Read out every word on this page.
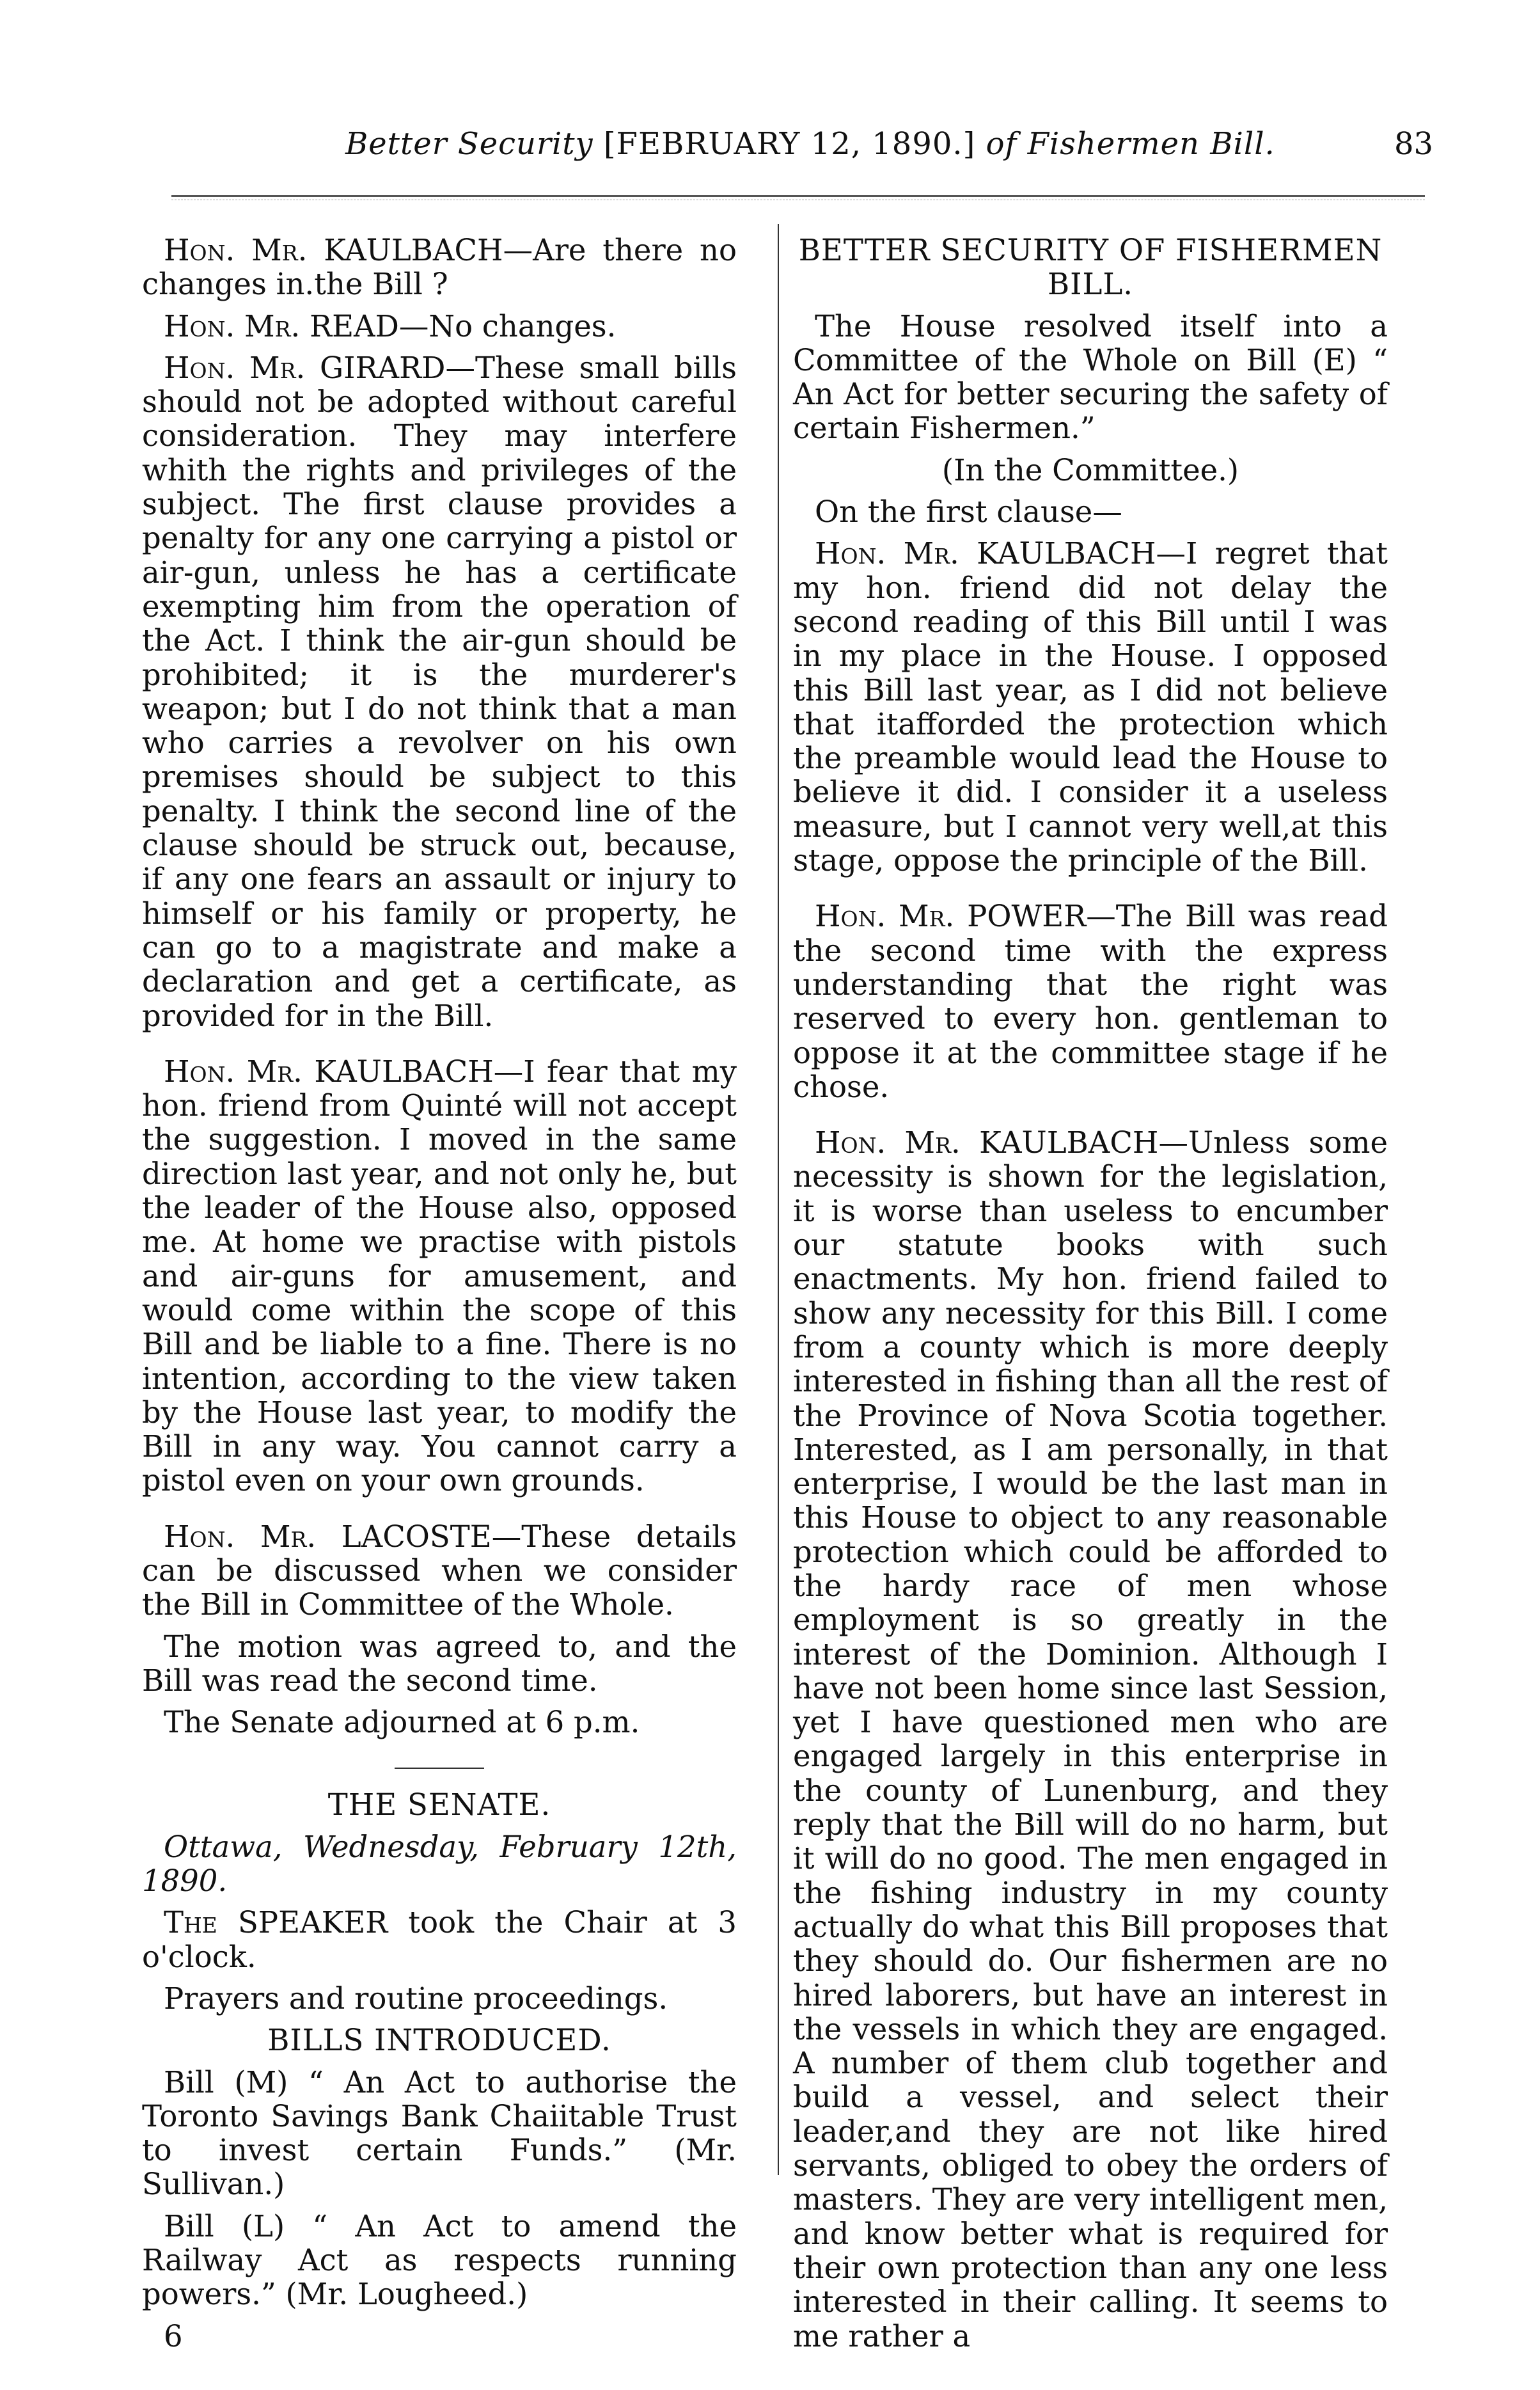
Better Security [FEBRUARY 12, 1890.] of Fishermen Bill.	83

Hon. Mr. KAULBACH—Are there no changes in.the Bill ?

Hon. Mr. READ—No changes.

Hon. Mr. GIRARD—These small bills should not be adopted without careful consideration. They may interfere whith the rights and privileges of the subject. The first clause provides a penalty for any one carrying a pistol or air-gun, unless he has a certificate exempting him from the operation of the Act. I think the air-gun should be prohibited; it is the murderer's weapon; but I do not think that a man who carries a revolver on his own premises should be subject to this penalty. I think the second line of the clause should be struck out, because, if any one fears an assault or injury to himself or his family or property, he can go to a magistrate and make a declaration and get a certificate, as provided for in the Bill.

Hon. Mr. KAULBACH—I fear that my hon. friend from Quinté will not accept the suggestion. I moved in the same direction last year, and not only he, but the leader of the House also, opposed me. At home we practise with pistols and air-guns for amusement, and would come within the scope of this Bill and be liable to a fine. There is no intention, according to the view taken by the House last year, to modify the Bill in any way. You cannot carry a pistol even on your own grounds.

Hon. Mr. LACOSTE—These details can be discussed when we consider the Bill in Committee of the Whole.

The motion was agreed to, and the Bill was read the second time.

The Senate adjourned at 6 p.m.

THE SENATE.

Ottawa, Wednesday, February 12th, 1890.

The SPEAKER took the Chair at 3 o'clock.

Prayers and routine proceedings.

BILLS INTRODUCED.

Bill (M) “ An Act to authorise the Toronto Savings Bank Chaiitable Trust to invest certain Funds.” (Mr. Sullivan.)

Bill (L) “ An Act to amend the Railway Act as respects running powers.” (Mr. Lougheed.)

6

BETTER SECURITY OF FISHERMEN BILL.

The House resolved itself into a Committee of the Whole on Bill (E) “ An Act for better securing the safety of certain Fishermen.”

(In the Committee.)

On the first clause—

Hon. Mr. KAULBACH—I regret that my hon. friend did not delay the second reading of this Bill until I was in my place in the House. I opposed this Bill last year, as I did not believe that itafforded the protection which the preamble would lead the House to believe it did. I consider it a useless measure, but I cannot very well,at this stage, oppose the principle of the Bill.

Hon. Mr. POWER—The Bill was read the second time with the express understanding that the right was reserved to every hon. gentleman to oppose it at the committee stage if he chose.

Hon. Mr. KAULBACH—Unless some necessity is shown for the legislation, it is worse than useless to encumber our statute books with such enactments. My hon. friend failed to show any necessity for this Bill. I come from a county which is more deeply interested in fishing than all the rest of the Province of Nova Scotia together. Interested, as I am personally, in that enterprise, I would be the last man in this House to object to any reasonable protection which could be afforded to the hardy race of men whose employment is so greatly in the interest of the Dominion. Although I have not been home since last Session, yet I have questioned men who are engaged largely in this enterprise in the county of Lunenburg, and they reply that the Bill will do no harm, but it will do no good. The men engaged in the fishing industry in my county actually do what this Bill proposes that they should do. Our fishermen are no hired laborers, but have an interest in the vessels in which they are engaged. A number of them club together and build a vessel, and select their leader,and they are not like hired servants, obliged to obey the orders of masters. They are very intelligent men, and know better what is required for their own protection than any one less interested in their calling. It seems to me rather a
